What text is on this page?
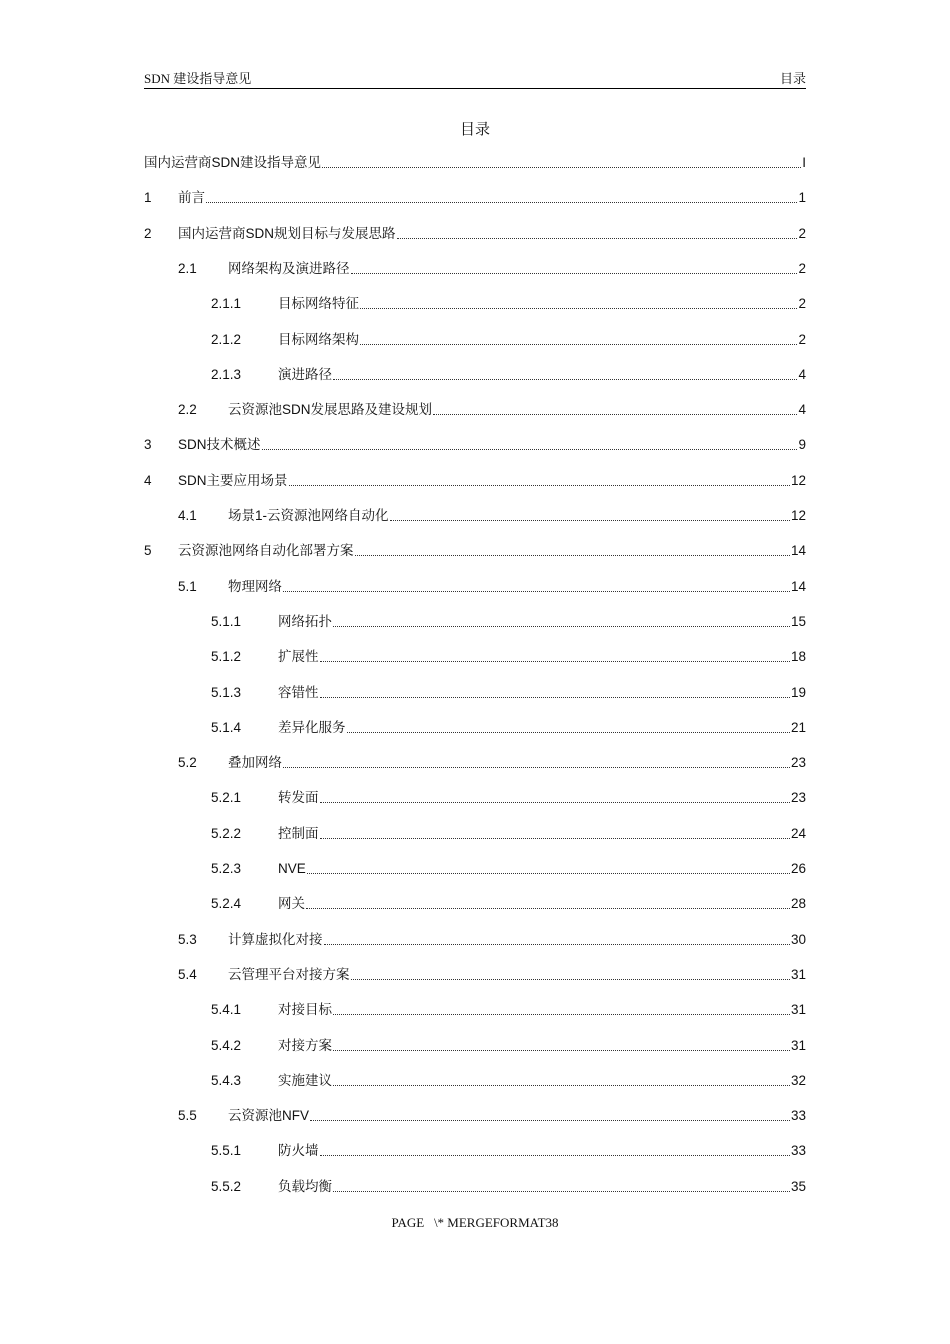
SDN 建设指导意见	目录
目录
国内运营商SDN建设指导意见	I
1	前言	1
2	国内运营商SDN规划目标与发展思路	2
2.1	网络架构及演进路径	2
2.1.1	目标网络特征	2
2.1.2	目标网络架构	2
2.1.3	演进路径	4
2.2	云资源池SDN发展思路及建设规划	4
3	SDN技术概述	9
4	SDN主要应用场景	12
4.1	场景1-云资源池网络自动化	12
5	云资源池网络自动化部署方案	14
5.1	物理网络	14
5.1.1	网络拓扑	15
5.1.2	扩展性	18
5.1.3	容错性	19
5.1.4	差异化服务	21
5.2	叠加网络	23
5.2.1	转发面	23
5.2.2	控制面	24
5.2.3	NVE	26
5.2.4	网关	28
5.3	计算虚拟化对接	30
5.4	云管理平台对接方案	31
5.4.1	对接目标	31
5.4.2	对接方案	31
5.4.3	实施建议	32
5.5	云资源池NFV	33
5.5.1	防火墙	33
5.5.2	负载均衡	35
PAGE   \* MERGEFORMAT38
